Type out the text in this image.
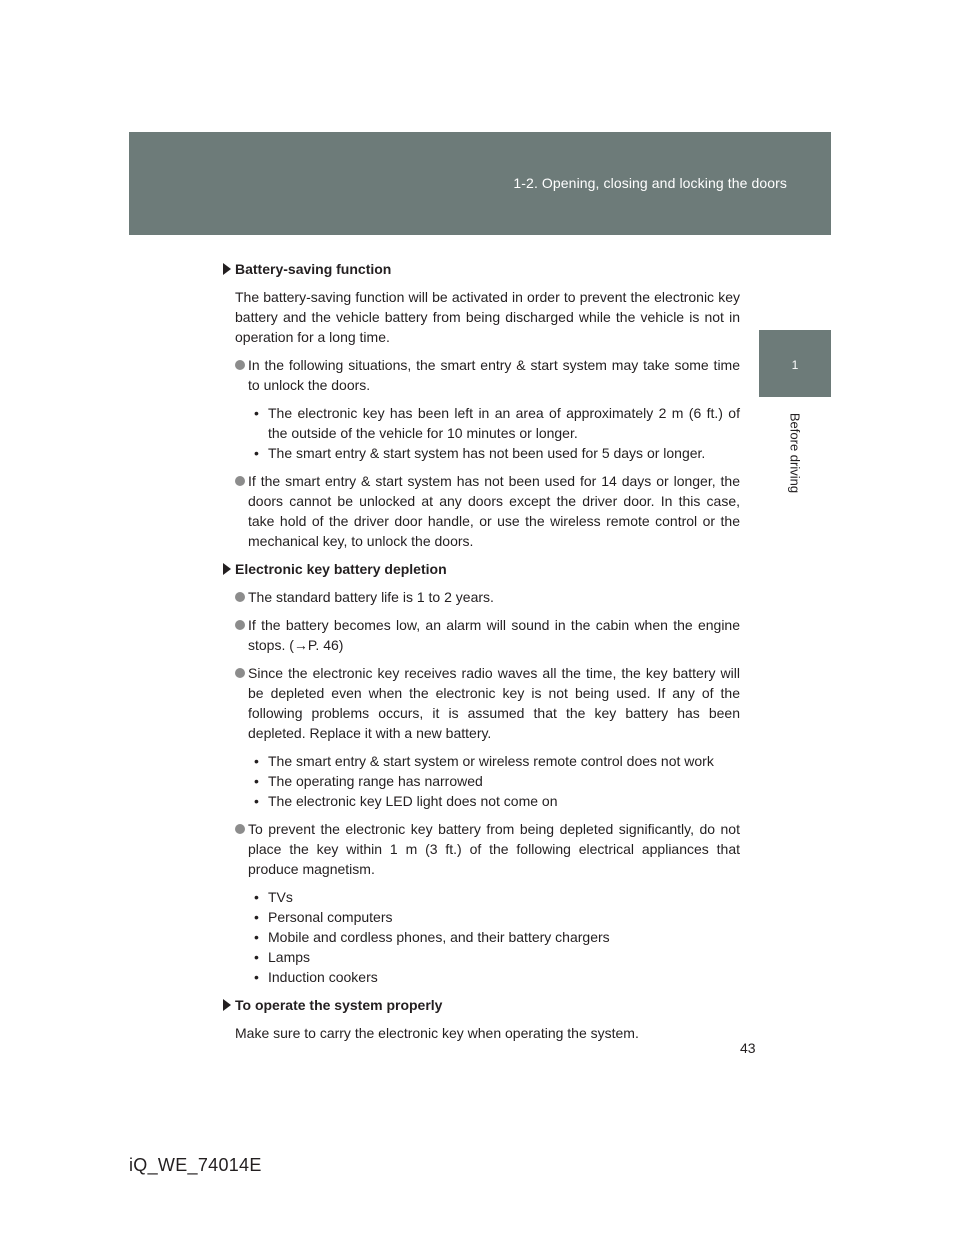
1-2. Opening, closing and locking the doors
1
Before driving
Battery-saving function
The battery-saving function will be activated in order to prevent the electronic key battery and the vehicle battery from being discharged while the vehicle is not in operation for a long time.
In the following situations, the smart entry & start system may take some time to unlock the doors.
• The electronic key has been left in an area of approximately 2 m (6 ft.) of the outside of the vehicle for 10 minutes or longer.
• The smart entry & start system has not been used for 5 days or longer.
If the smart entry & start system has not been used for 14 days or longer, the doors cannot be unlocked at any doors except the driver door. In this case, take hold of the driver door handle, or use the wireless remote control or the mechanical key, to unlock the doors.
Electronic key battery depletion
The standard battery life is 1 to 2 years.
If the battery becomes low, an alarm will sound in the cabin when the engine stops. (→P. 46)
Since the electronic key receives radio waves all the time, the key battery will be depleted even when the electronic key is not being used. If any of the following problems occurs, it is assumed that the key battery has been depleted. Replace it with a new battery.
• The smart entry & start system or wireless remote control does not work
• The operating range has narrowed
• The electronic key LED light does not come on
To prevent the electronic key battery from being depleted significantly, do not place the key within 1 m (3 ft.) of the following electrical appliances that produce magnetism.
• TVs
• Personal computers
• Mobile and cordless phones, and their battery chargers
• Lamps
• Induction cookers
To operate the system properly
Make sure to carry the electronic key when operating the system.
43
iQ_WE_74014E
